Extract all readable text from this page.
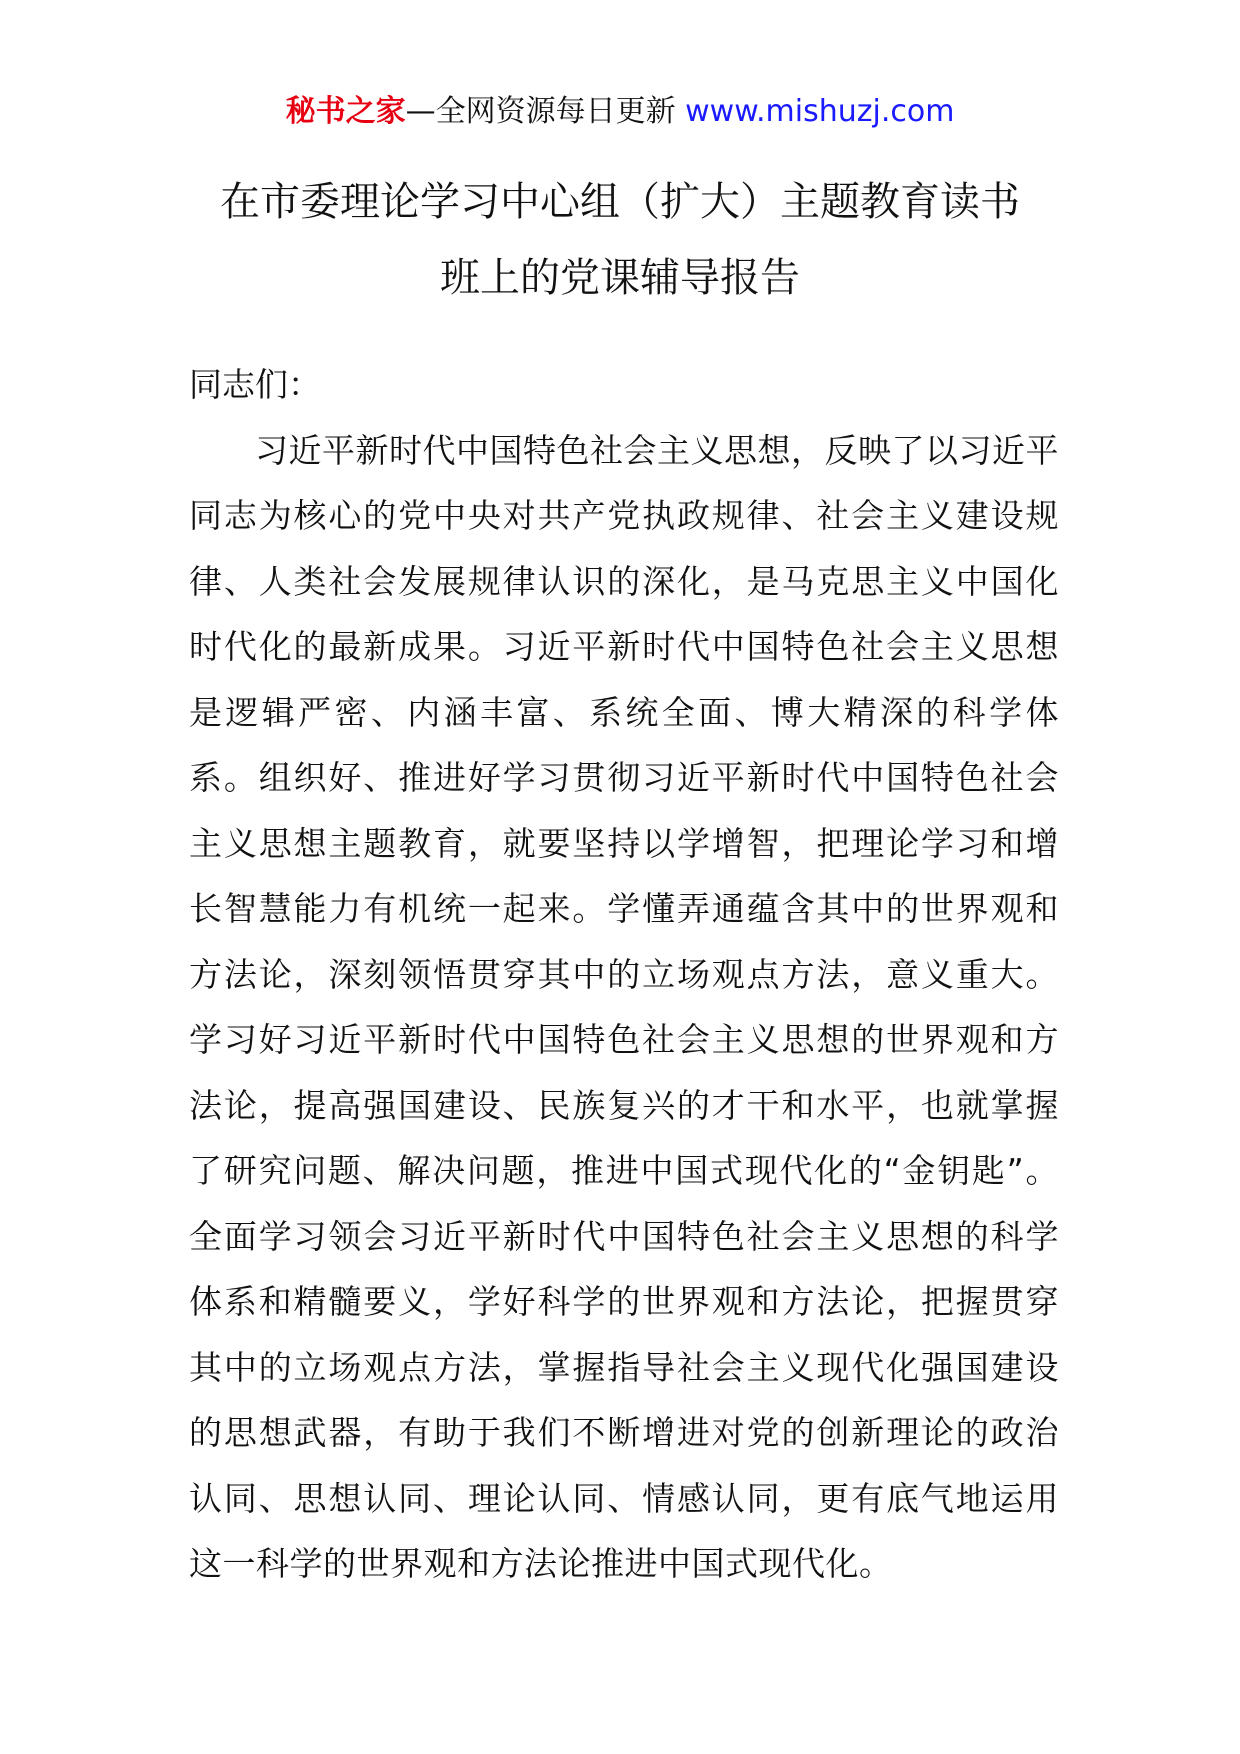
秘书之家—全网资源每日更新 www.mishuzj.com
在市委理论学习中心组（扩大）主题教育读书
班上的党课辅导报告

同志们：

习近平新时代中国特色社会主义思想，反映了以习近平同志为核心的党中央对共产党执政规律、社会主义建设规律、人类社会发展规律认识的深化，是马克思主义中国化时代化的最新成果。习近平新时代中国特色社会主义思想是逻辑严密、内涵丰富、系统全面、博大精深的科学体系。组织好、推进好学习贯彻习近平新时代中国特色社会主义思想主题教育，就要坚持以学增智，把理论学习和增长智慧能力有机统一起来。学懂弄通蕴含其中的世界观和方法论，深刻领悟贯穿其中的立场观点方法，意义重大。学习好习近平新时代中国特色社会主义思想的世界观和方法论，提高强国建设、民族复兴的才干和水平，也就掌握了研究问题、解决问题，推进中国式现代化的“金钥匙”。全面学习领会习近平新时代中国特色社会主义思想的科学体系和精髓要义，学好科学的世界观和方法论，把握贯穿其中的立场观点方法，掌握指导社会主义现代化强国建设的思想武器，有助于我们不断增进对党的创新理论的政治认同、思想认同、理论认同、情感认同，更有底气地运用这一科学的世界观和方法论推进中国式现代化。
